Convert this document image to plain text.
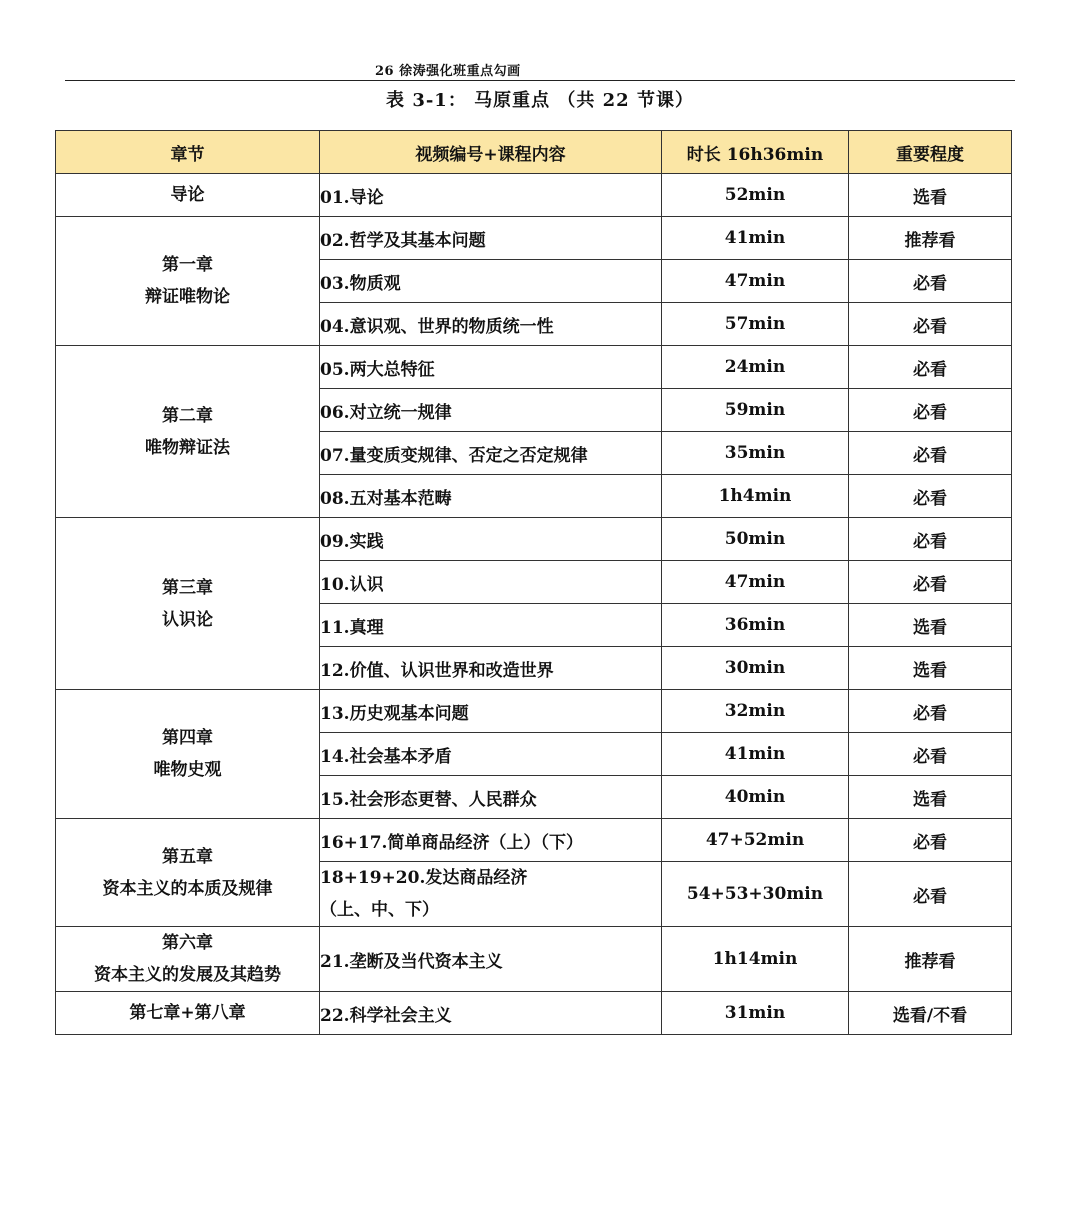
26 徐涛强化班重点勾画
表 3-1： 马原重点 （共 22 节课）
章节	视频编号+课程内容	时长 16h36min	重要程度

导论	01.导论	52min	选看

第一章
辩证唯物论	02.哲学及其基本问题	41min	推荐看

	03.物质观	47min	必看

	04.意识观、世界的物质统一性	57min	必看

第二章
唯物辩证法	05.两大总特征	24min	必看

	06.对立统一规律	59min	必看

	07.量变质变规律、否定之否定规律	35min	必看

	08.五对基本范畴	1h4min	必看

第三章
认识论	09.实践	50min	必看

	10.认识	47min	必看

	11.真理	36min	选看

	12.价值、认识世界和改造世界	30min	选看

第四章
唯物史观	13.历史观基本问题	32min	必看

	14.社会基本矛盾	41min	必看

	15.社会形态更替、人民群众	40min	选看

第五章
资本主义的本质及规律	16+17.简单商品经济（上）（下）	47+52min	必看

	18+19+20.发达商品经济
（上、中、下）	54+53+30min	必看

第六章
资本主义的发展及其趋势	21.垄断及当代资本主义	1h14min	推荐看

第七章+第八章	22.科学社会主义	31min	选看/不看
